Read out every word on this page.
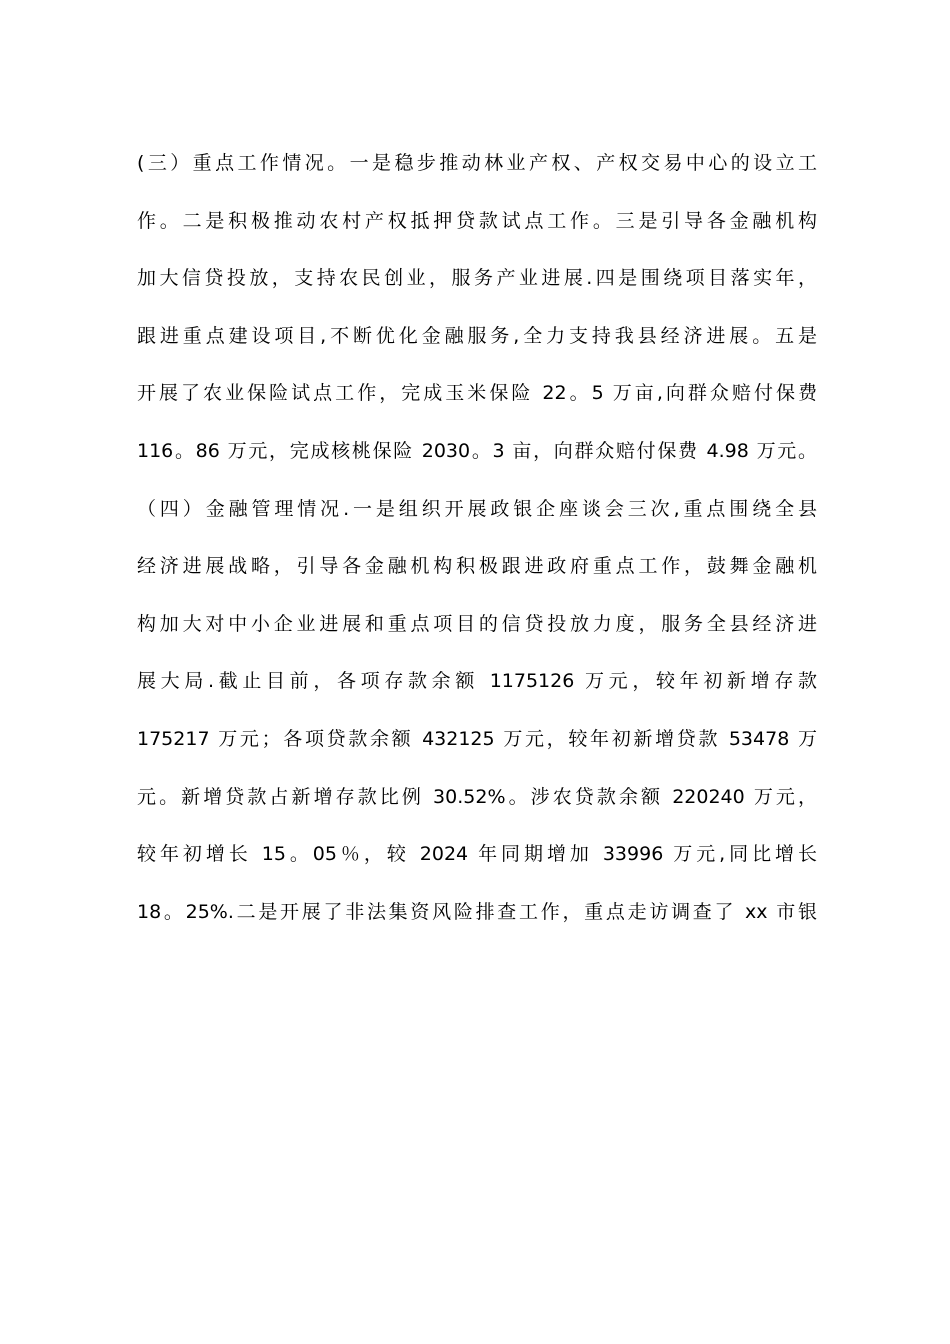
(三）重点工作情况。一是稳步推动林业产权、产权交易中心的设立工
作。二是积极推动农村产权抵押贷款试点工作。三是引导各金融机构
加大信贷投放，支持农民创业，服务产业进展.四是围绕项目落实年，
跟进重点建设项目,不断优化金融服务,全力支持我县经济进展。五是
开展了农业保险试点工作，完成玉米保险 22。5 万亩,向群众赔付保费
116。86 万元，完成核桃保险 2030。3 亩，向群众赔付保费 4.98 万元。
（四）金融管理情况.一是组织开展政银企座谈会三次,重点围绕全县
经济进展战略，引导各金融机构积极跟进政府重点工作，鼓舞金融机
构加大对中小企业进展和重点项目的信贷投放力度，服务全县经济进
展大局.截止目前，各项存款余额 1175126 万元，较年初新增存款
175217 万元；各项贷款余额 432125 万元，较年初新增贷款 53478 万
元。新增贷款占新增存款比例 30.52%。涉农贷款余额 220240 万元，
较年初增长 15。05％，较 2024 年同期增加 33996 万元,同比增长
18。25%.二是开展了非法集资风险排查工作，重点走访调查了 xx 市银
